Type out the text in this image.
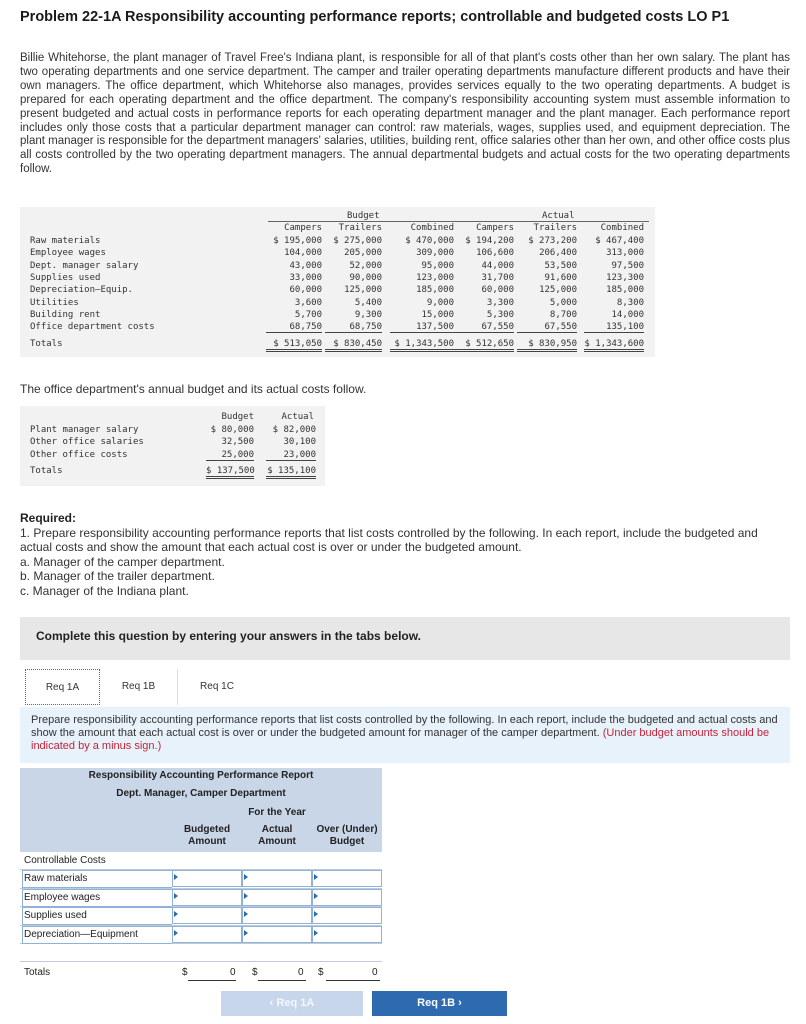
Problem 22-1A Responsibility accounting performance reports; controllable and budgeted costs LO P1
Billie Whitehorse, the plant manager of Travel Free's Indiana plant, is responsible for all of that plant's costs other than her own salary. The plant has two operating departments and one service department. The camper and trailer operating departments manufacture different products and have their own managers. The office department, which Whitehorse also manages, provides services equally to the two operating departments. A budget is prepared for each operating department and the office department. The company's responsibility accounting system must assemble information to present budgeted and actual costs in performance reports for each operating department manager and the plant manager. Each performance report includes only those costs that a particular department manager can control: raw materials, wages, supplies used, and equipment depreciation. The plant manager is responsible for the department managers' salaries, utilities, building rent, office salaries other than her own, and other office costs plus all costs controlled by the two operating department managers. The annual departmental budgets and actual costs for the two operating departments follow.
Budget	Actual
Campers	Trailers	Combined	Campers	Trailers	Combined
Raw materials	$ 195,000	$ 275,000	$ 470,000	$ 194,200	$ 273,200	$ 467,400
Employee wages	104,000	205,000	309,000	106,600	206,400	313,000
Dept. manager salary	43,000	52,000	95,000	44,000	53,500	97,500
Supplies used	33,000	90,000	123,000	31,700	91,600	123,300
Depreciation—Equip.	60,000	125,000	185,000	60,000	125,000	185,000
Utilities	3,600	5,400	9,000	3,300	5,000	8,300
Building rent	5,700	9,300	15,000	5,300	8,700	14,000
Office department costs	68,750	68,750	137,500	67,550	67,550	135,100
Totals	$ 513,050	$ 830,450	$ 1,343,500	$ 512,650	$ 830,950 $ 1,343,600
The office department's annual budget and its actual costs follow.
Budget	Actual
Plant manager salary	$ 80,000	$ 82,000
Other office salaries	32,500	30,100
Other office costs	25,000	23,000
Totals	$ 137,500 $ 135,100
Required:
1. Prepare responsibility accounting performance reports that list costs controlled by the following. In each report, include the budgeted and actual costs and show the amount that each actual cost is over or under the budgeted amount.
a. Manager of the camper department.
b. Manager of the trailer department.
c. Manager of the Indiana plant.
Complete this question by entering your answers in the tabs below.
Req 1A	Req 1B	Req 1C
Prepare responsibility accounting performance reports that list costs controlled by the following. In each report, include the budgeted and actual costs and show the amount that each actual cost is over or under the budgeted amount for manager of the camper department. (Under budget amounts should be indicated by a minus sign.)
Responsibility Accounting Performance Report
Dept. Manager, Camper Department
For the Year
Budgeted Amount
Actual Amount
Over (Under) Budget
Controllable Costs
Raw materials
Employee wages
Supplies used
Depreciation—Equipment
Totals	$	0 $	0 $	0
‹ Req 1A	Req 1B ›
